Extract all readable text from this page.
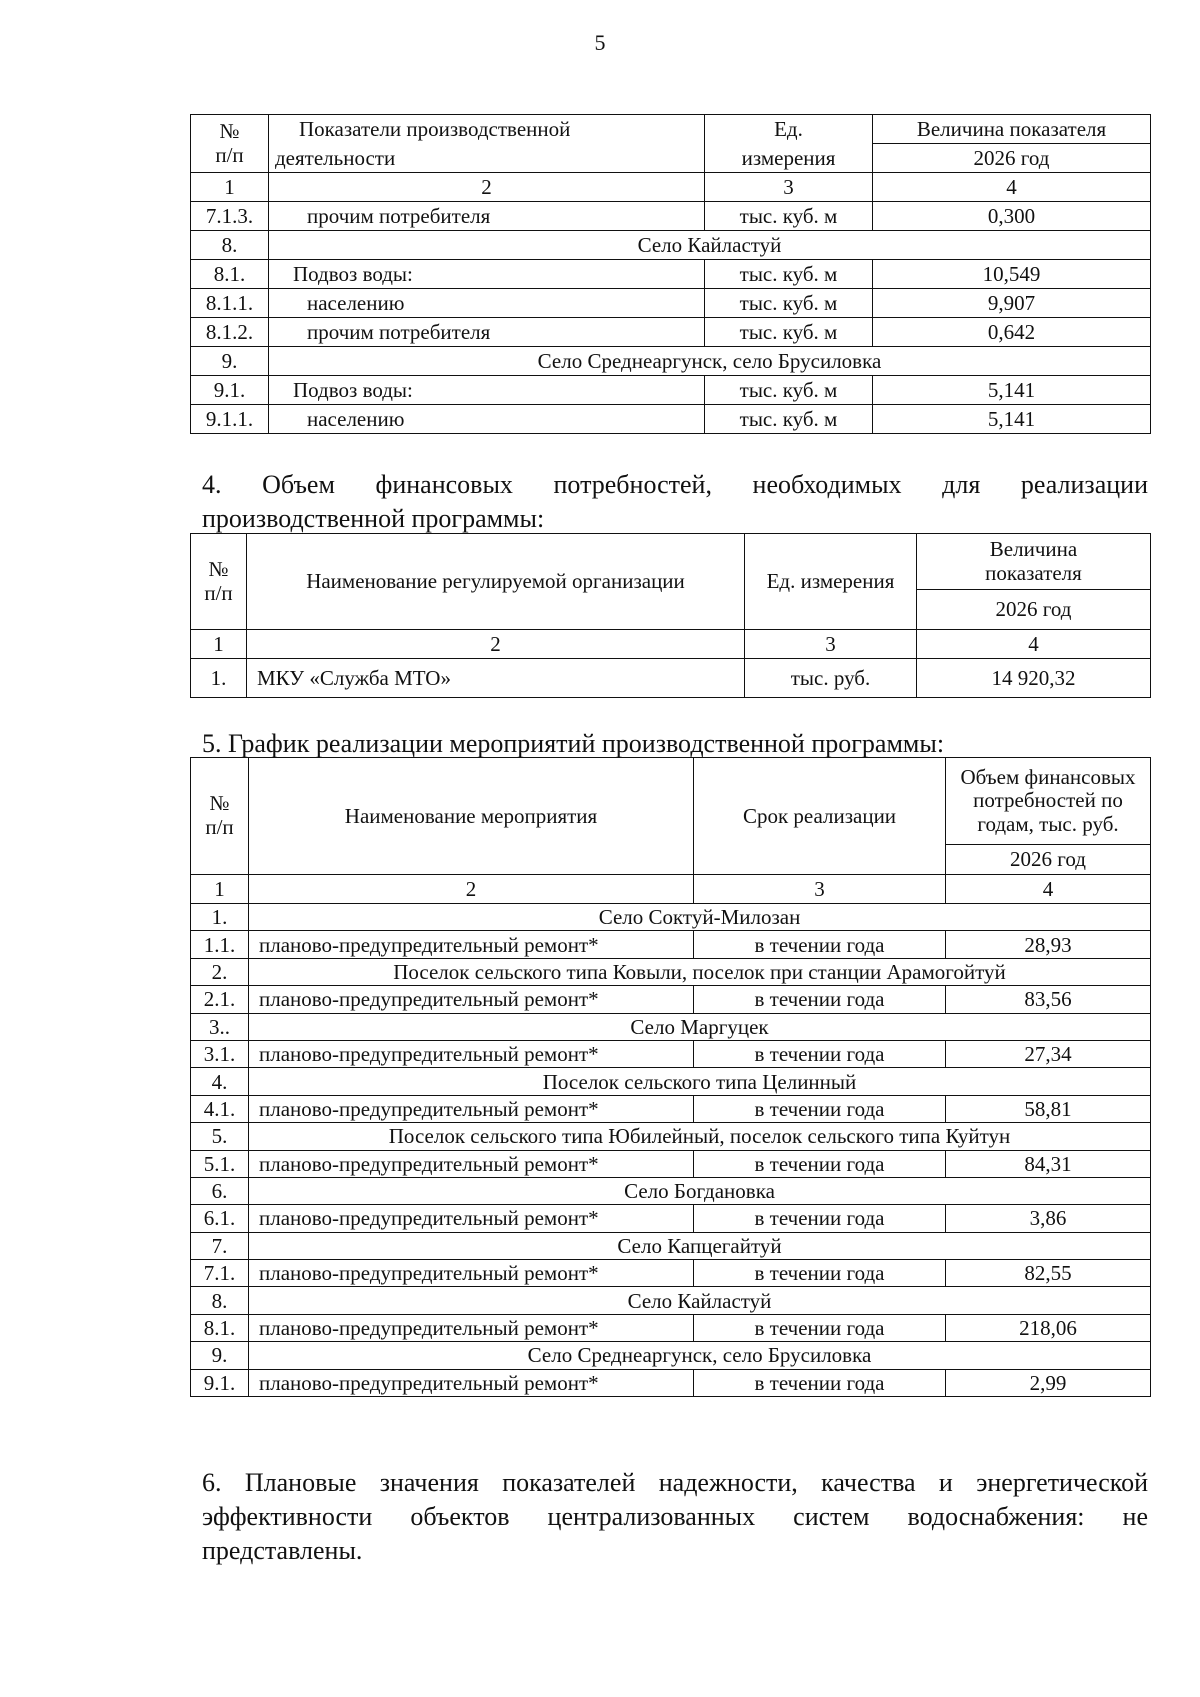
5
№
п/п	Показатели производственной	Ед.	Величина показателя
	деятельности	измерения	2026 год
1	2	3	4
7.1.3.	прочим потребителя	тыс. куб. м	0,300
8.	Село Кайластуй		
8.1.	Подвоз воды:	тыс. куб. м	10,549
8.1.1.	населению	тыс. куб. м	9,907
8.1.2.	прочим потребителя	тыс. куб. м	0,642
9.	Село Среднеаргунск, село Брусиловка		
9.1.	Подвоз воды:	тыс. куб. м	5,141
9.1.1.	населению	тыс. куб. м	5,141
4. Объем финансовых потребностей, необходимых для реализации
производственной программы:
№
п/п	Наименование регулируемой организации	Ед. измерения	Величина
показателя
			2026 год
1	2	3	4
1.	МКУ «Служба МТО»	тыс. руб.	14 920,32
5. График реализации мероприятий производственной программы:
№
п/п	Наименование мероприятия	Срок реализации	Объем финансовых
потребностей по
годам, тыс. руб.
			2026 год
1	2	3	4
1.	Село Соктуй-Милозан		
1.1.	планово-предупредительный ремонт*	в течении года	28,93
2.	Поселок сельского типа Ковыли, поселок при станции Арамогойтуй		
2.1.	планово-предупредительный ремонт*	в течении года	83,56
3..	Село Маргуцек		
3.1.	планово-предупредительный ремонт*	в течении года	27,34
4.	Поселок сельского типа Целинный		
4.1.	планово-предупредительный ремонт*	в течении года	58,81
5.	Поселок сельского типа Юбилейный, поселок сельского типа Куйтун		
5.1.	планово-предупредительный ремонт*	в течении года	84,31
6.	Село Богдановка		
6.1.	планово-предупредительный ремонт*	в течении года	3,86
7.	Село Капцегайтуй		
7.1.	планово-предупредительный ремонт*	в течении года	82,55
8.	Село Кайластуй		
8.1.	планово-предупредительный ремонт*	в течении года	218,06
9.	Село Среднеаргунск, село Брусиловка		
9.1.	планово-предупредительный ремонт*	в течении года	2,99
6. Плановые значения показателей надежности, качества и энергетической
эффективности объектов централизованных систем водоснабжения: не
представлены.
